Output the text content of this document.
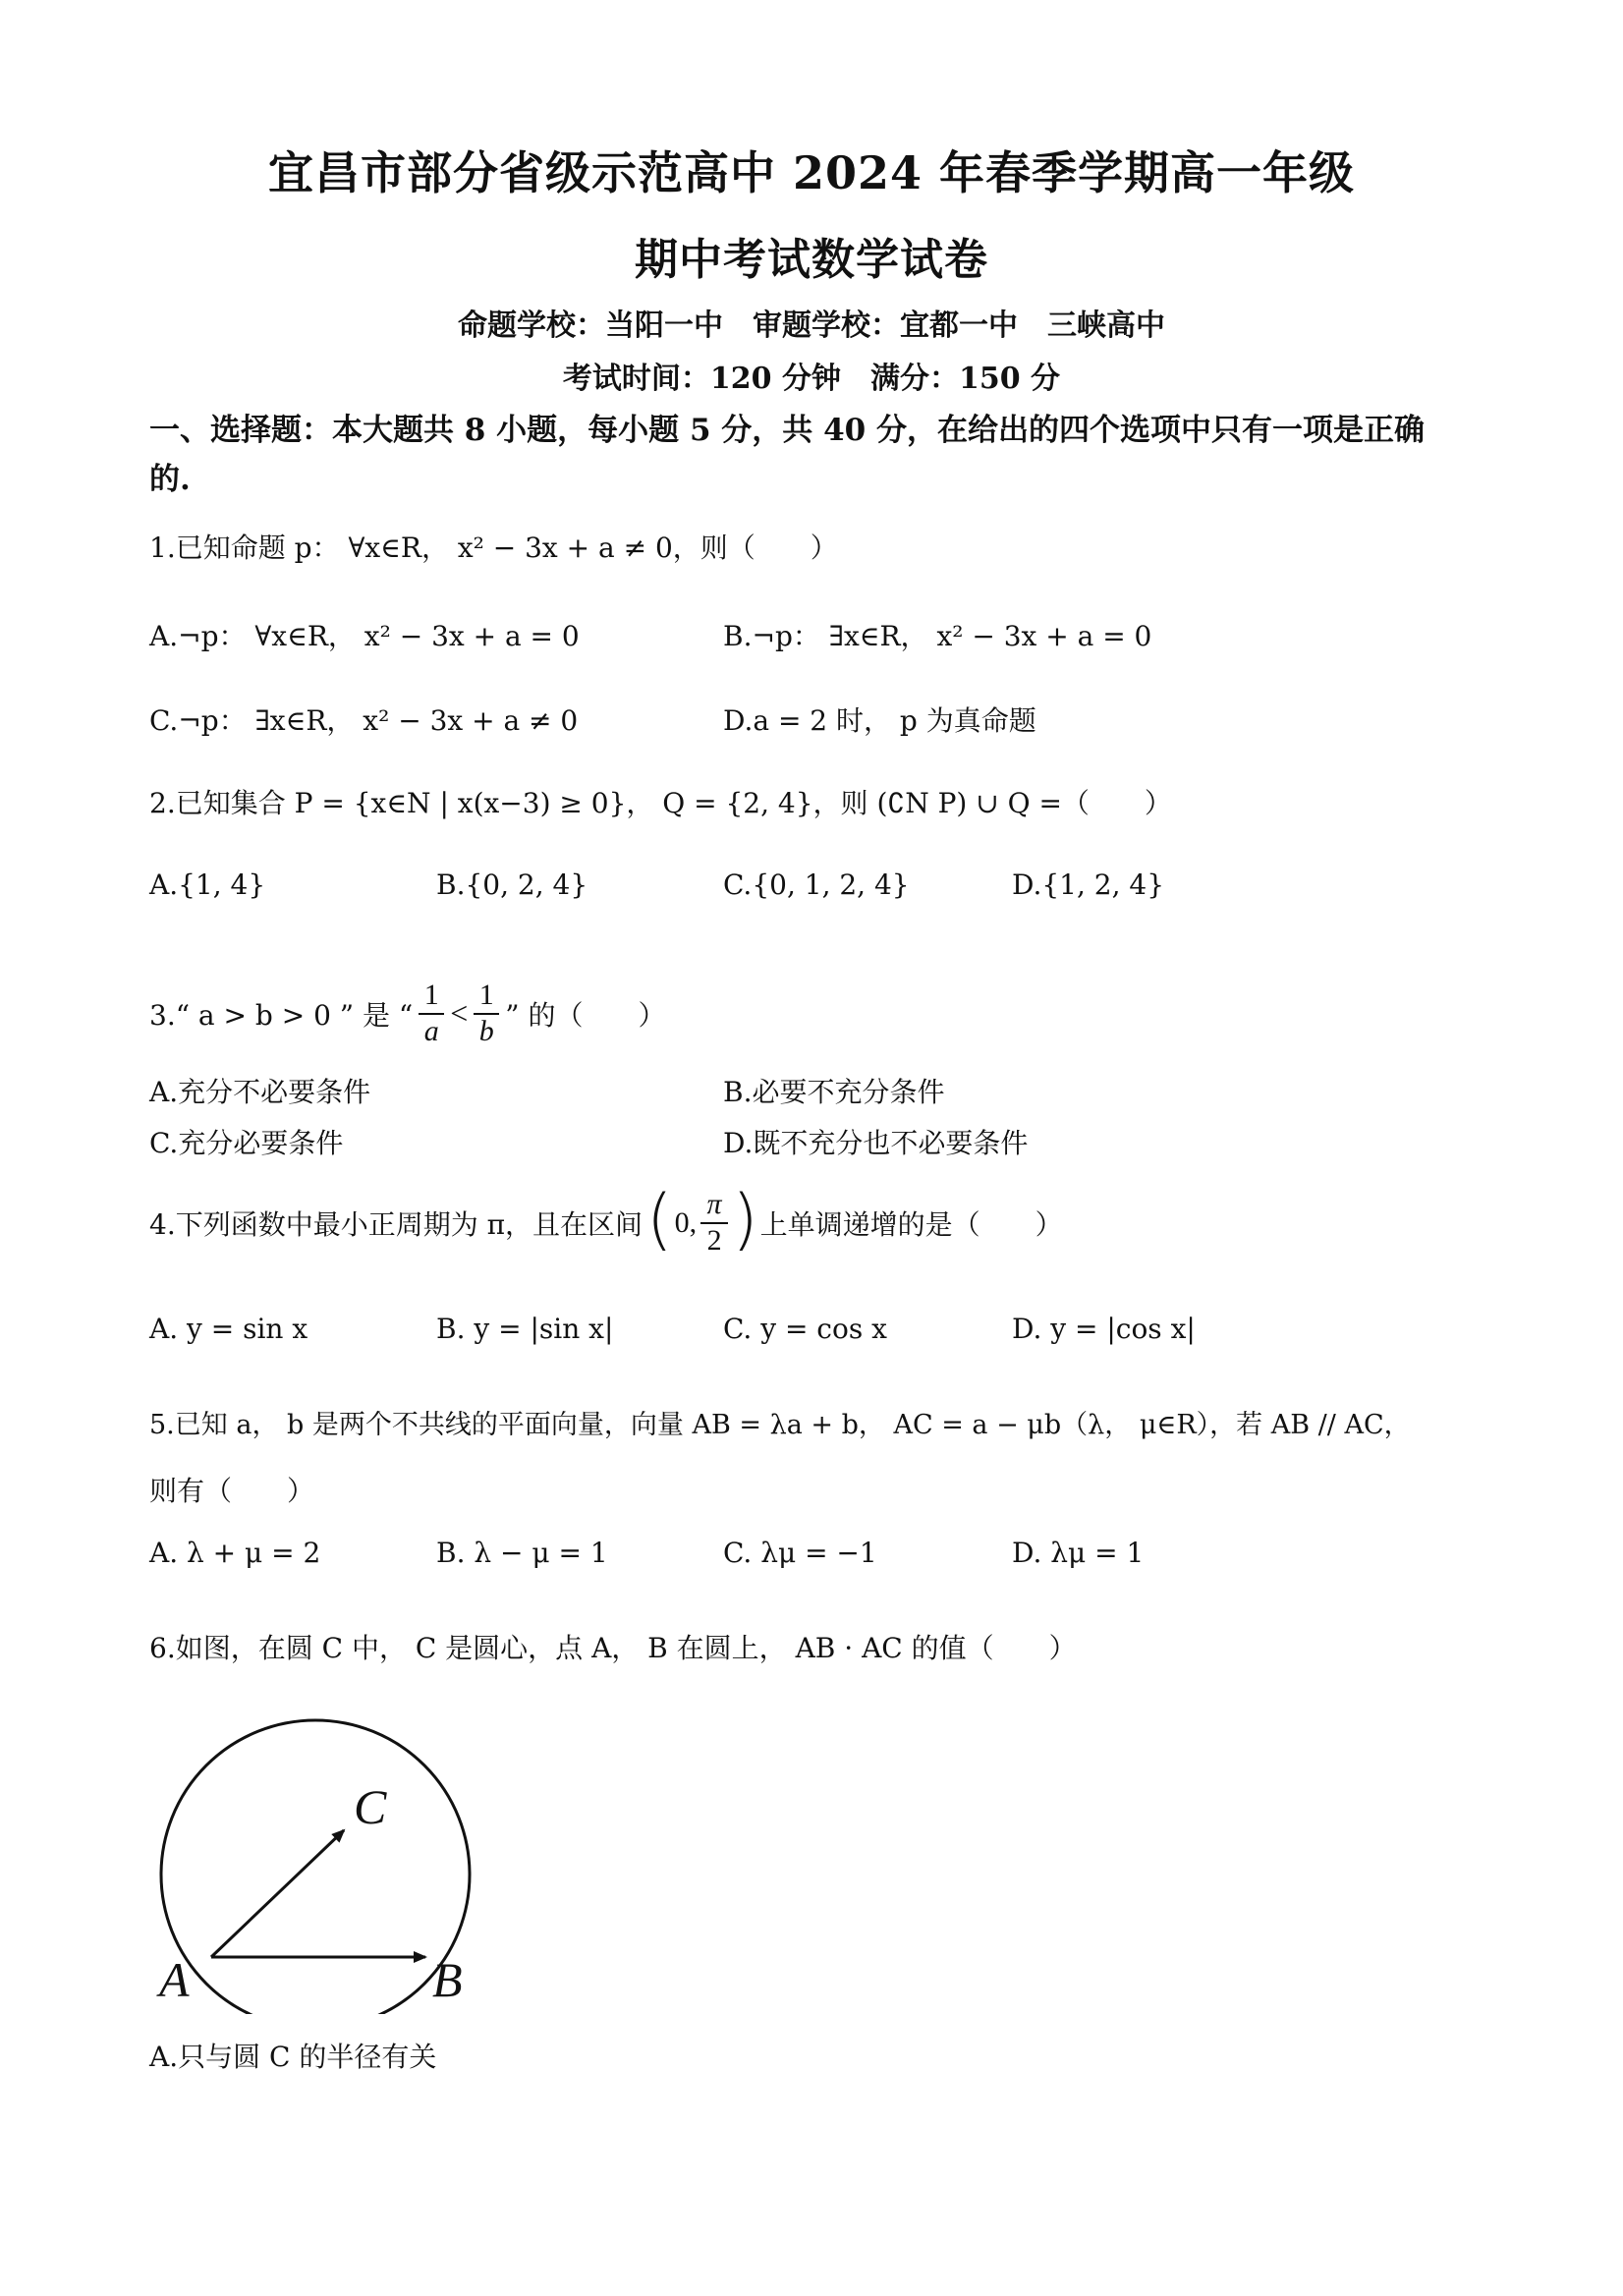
宜昌市部分省级示范高中 2024 年春季学期高一年级
期中考试数学试卷
命题学校：当阳一中　审题学校：宜都一中　三峡高中
考试时间：120 分钟　满分：150 分
一、选择题：本大题共 8 小题，每小题 5 分，共 40 分，在给出的四个选项中只有一项是正确
的.
1.已知命题 p： ∀x∈R， x² − 3x + a ≠ 0，则（　　）
A.¬p： ∀x∈R， x² − 3x + a = 0	B.¬p： ∃x∈R， x² − 3x + a = 0
C.¬p： ∃x∈R， x² − 3x + a ≠ 0	D.a = 2 时， p 为真命题
2.已知集合 P = {x∈N | x(x−3) ≥ 0}， Q = {2, 4}，则 (∁N P) ∪ Q =（　　）
A.{1, 4}	B.{0, 2, 4}	C.{0, 1, 2, 4}	D.{1, 2, 4}
3.“ a > b > 0 ” 是 “
1
a <
1
b ” 的（　　）
A.充分不必要条件	B.必要不充分条件
C.充分必要条件	D.既不充分也不必要条件
4.下列函数中最小正周期为 π，且在区间 ( 0,
π
2 ) 上单调递增的是（　　）
A. y = sin x	B. y = |sin x|	C. y = cos x	D. y = |cos x|
5.已知 a， b 是两个不共线的平面向量，向量 AB = λa + b， AC = a − μb（λ， μ∈R），若 AB // AC，
则有（　　）
A. λ + μ = 2	B. λ − μ = 1	C. λμ = −1	D. λμ = 1
6.如图，在圆 C 中， C 是圆心，点 A， B 在圆上， AB · AC 的值（　　）
C
A	B
A.只与圆 C 的半径有关
